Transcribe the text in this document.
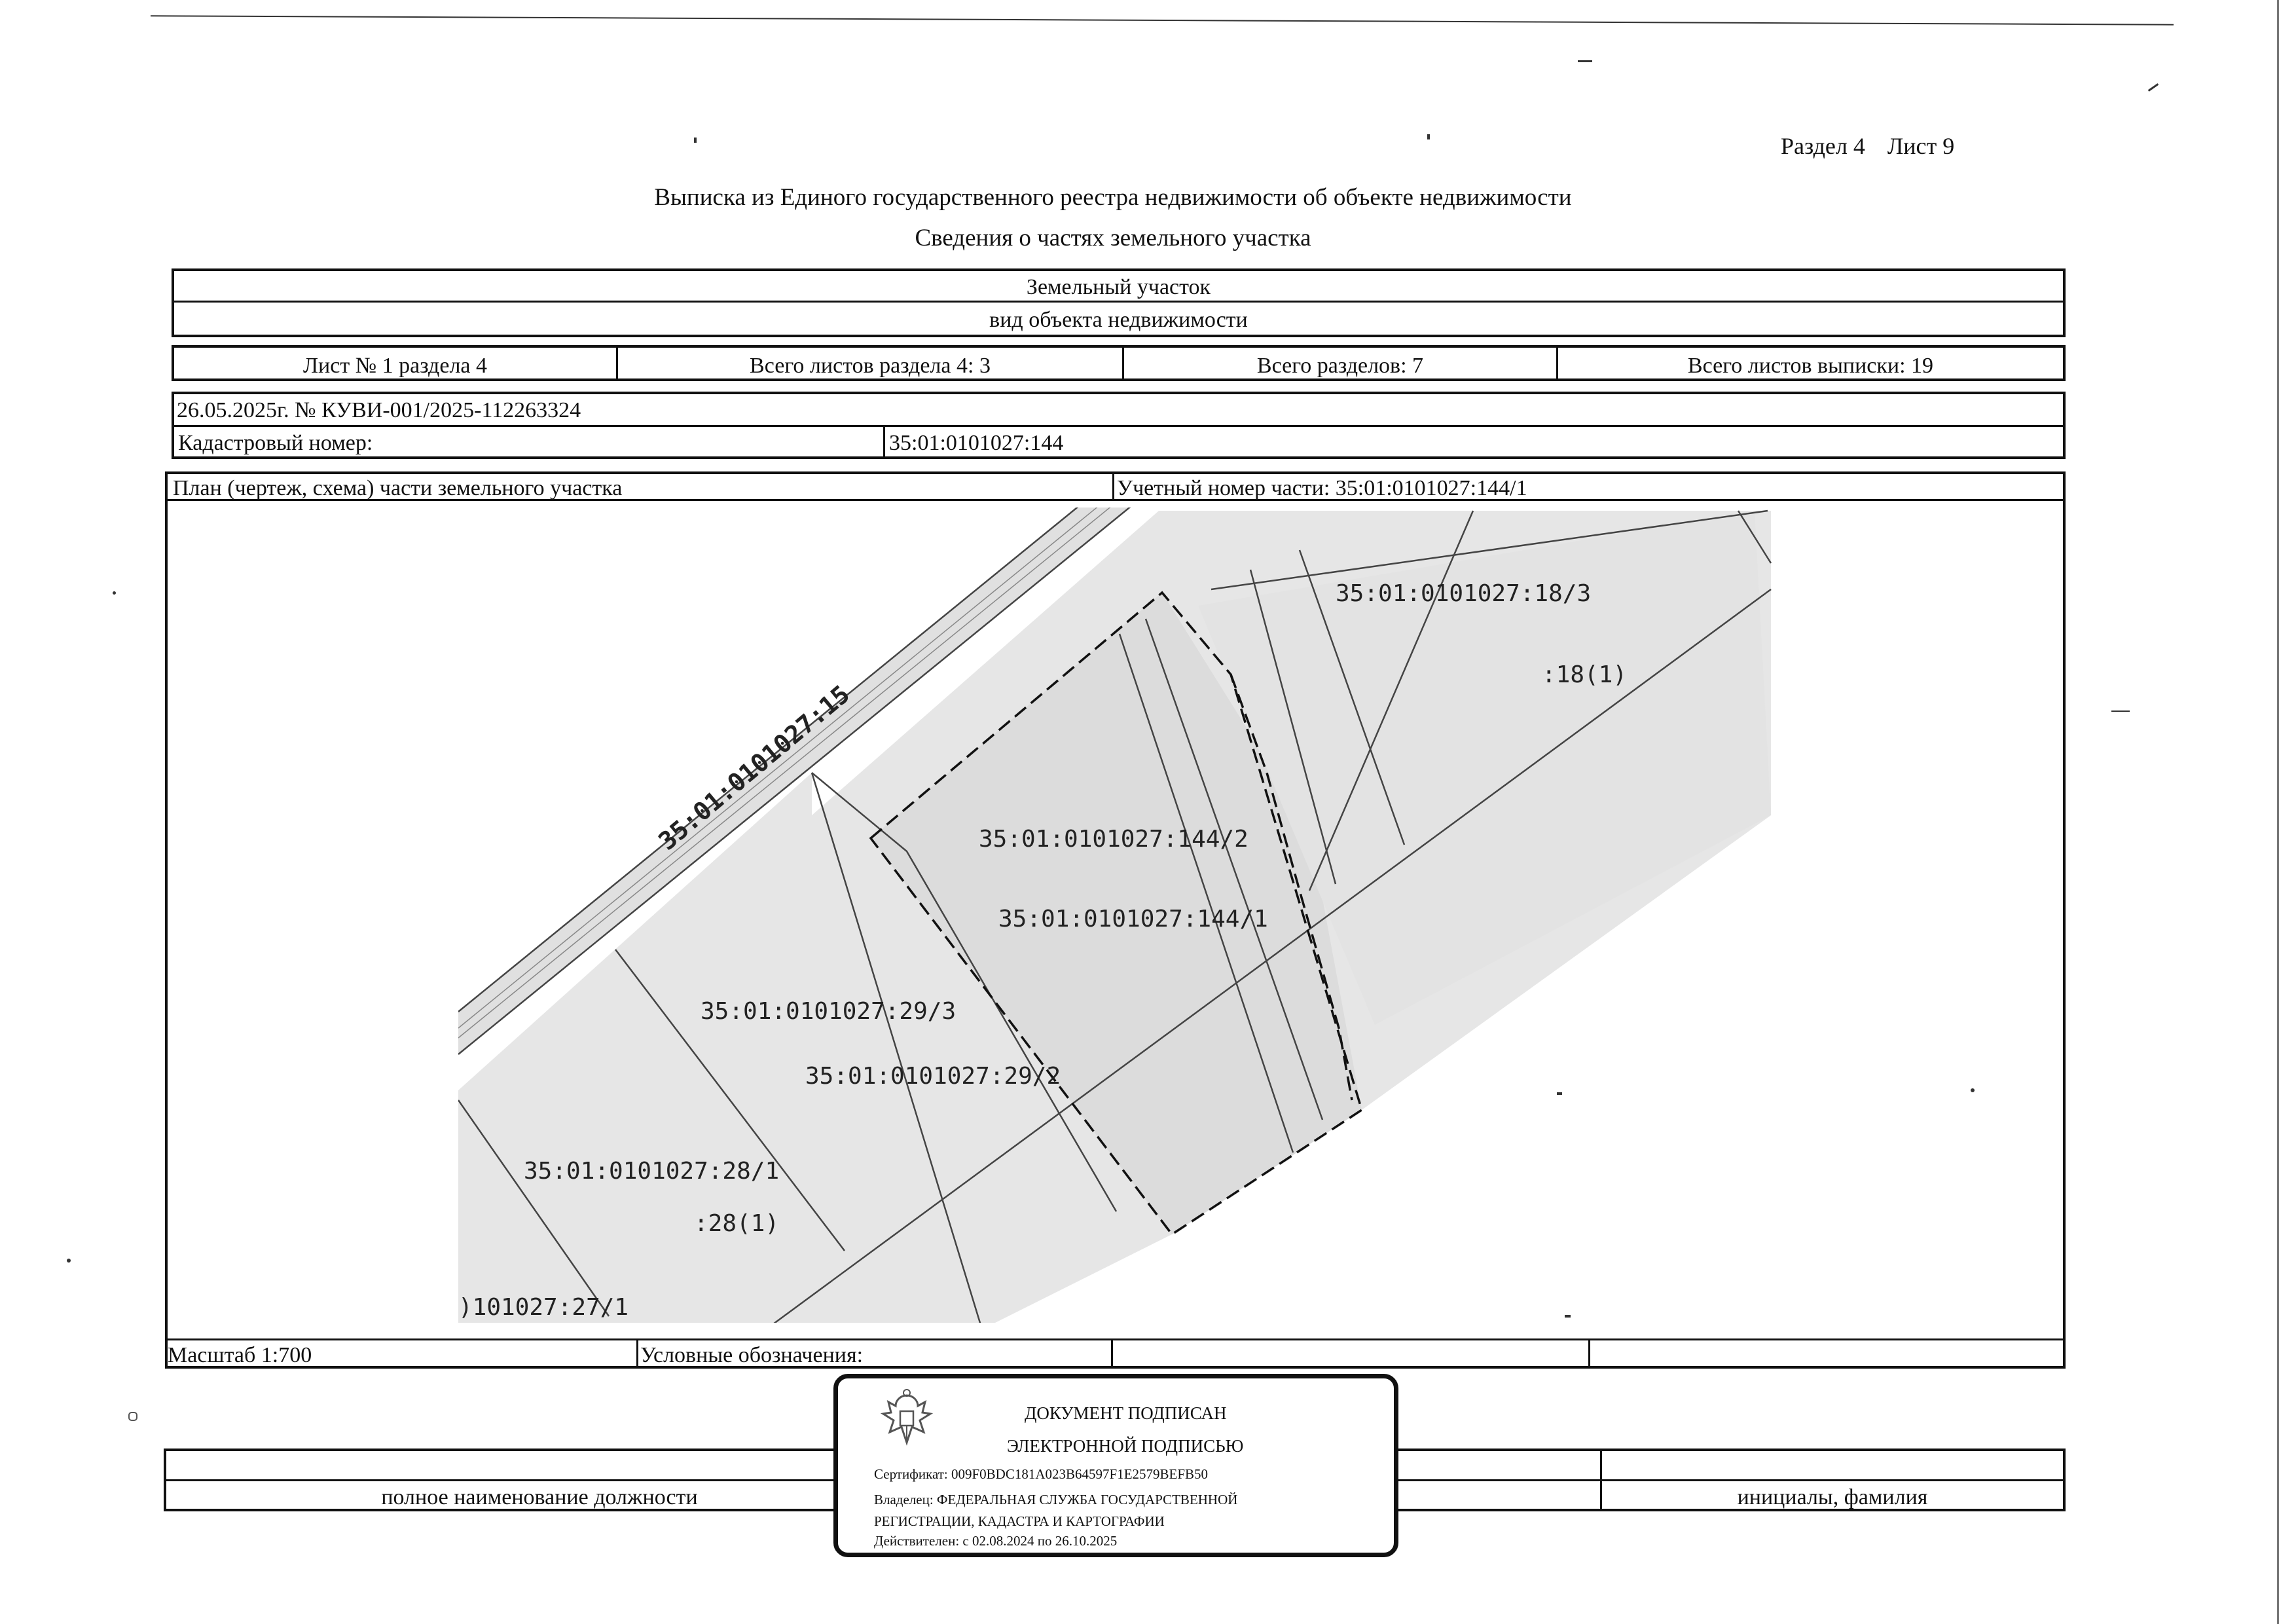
Раздел 4 Лист 9
Выписка из Единого государственного реестра недвижимости об объекте недвижимости
Сведения о частях земельного участка
Земельный участок
вид объекта недвижимости
Лист № 1 раздела 4	Всего листов раздела 4: 3	Всего разделов: 7	Всего листов выписки: 19
26.05.2025г. № КУВИ-001/2025-112263324
Кадастровый номер:	35:01:0101027:144
План (чертеж, схема) части земельного участка	Учетный номер части: 35:01:0101027:144/1
Масштаб 1:700	Условные обозначения:
35:01:0101027:15
35:01:0101027:18/3
:18(1)
35:01:0101027:144/2
35:01:0101027:144/1
35:01:0101027:29/3
35:01:0101027:29/2
35:01:0101027:28/1
:28(1)
)101027:27/1
полное наименование должности	инициалы, фамилия
ДОКУМЕНТ ПОДПИСАН
ЭЛЕКТРОННОЙ ПОДПИСЬЮ
Сертификат: 009F0BDC181A023B64597F1E2579BEFB50
Владелец: ФЕДЕРАЛЬНАЯ СЛУЖБА ГОСУДАРСТВЕННОЙ
РЕГИСТРАЦИИ, КАДАСТРА И КАРТОГРАФИИ
Действителен: с 02.08.2024 по 26.10.2025
